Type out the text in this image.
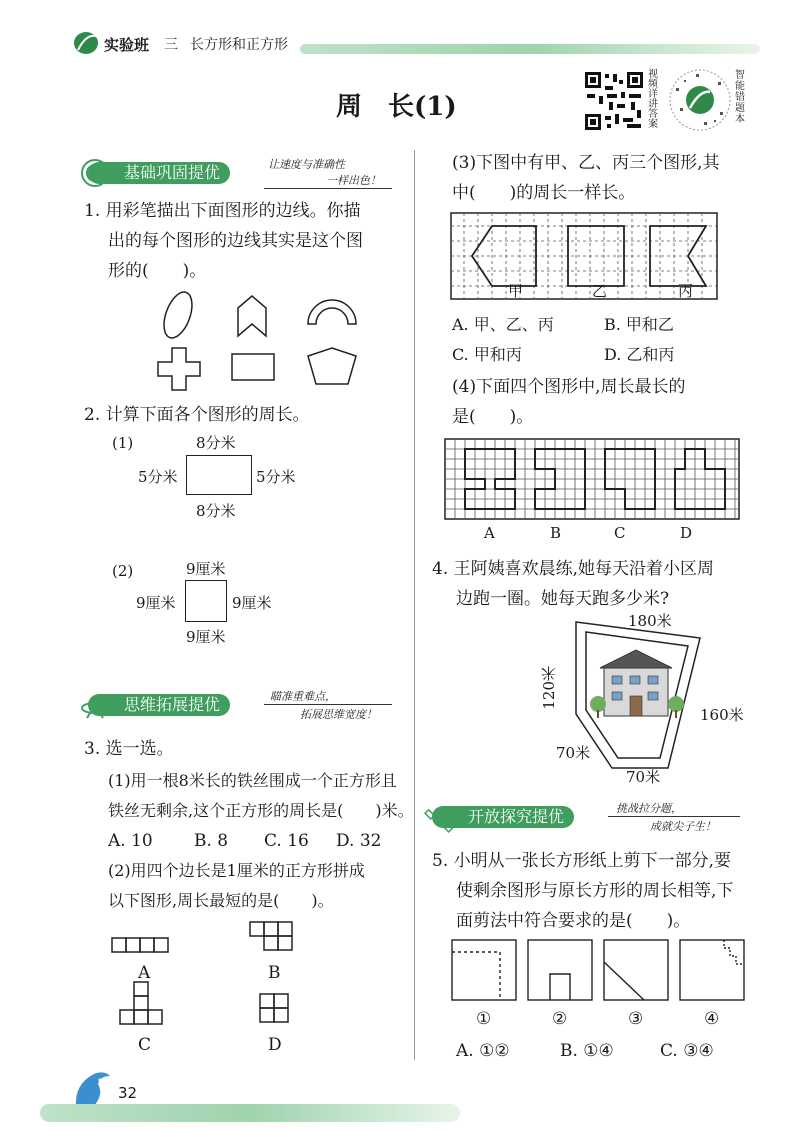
实验班 三 长方形和正方形
周　长(1)
视频详讲答案
智能错题本
基础巩固提优	让速度与准确性
一样出色！
1. 用彩笔描出下面图形的边线。你描
出的每个图形的边线其实是这个图
形的(　　)。
2. 计算下面各个图形的周长。
(1)	8分米
5分米	5分米
8分米
(2)	9厘米
9厘米	9厘米
9厘米
思维拓展提优	瞄准重难点，
拓展思维宽度！
3. 选一选。
(1)用一根8米长的铁丝围成一个正方形且
铁丝无剩余,这个正方形的周长是(　　)米。
A. 10 B. 8 C. 16 D. 32
(2)用四个边长是1厘米的正方形拼成
以下图形,周长最短的是(　　)。
A	B
C	D
(3)下图中有甲、乙、丙三个图形,其
中(　　)的周长一样长。
甲	乙	丙
A. 甲、乙、丙	B. 甲和乙
C. 甲和丙	D. 乙和丙
(4)下面四个图形中,周长最长的
是(　　)。
A	B	C	D
4. 王阿姨喜欢晨练,她每天沿着小区周
边跑一圈。她每天跑多少米?
180米
120米
160米
70米
70米
开放探究提优	挑战拉分题，
成就尖子生！
5. 小明从一张长方形纸上剪下一部分,要
使剩余图形与原长方形的周长相等,下
面剪法中符合要求的是(　　)。
①	②	③	④
A. ①②	B. ①④	C. ③④
32
